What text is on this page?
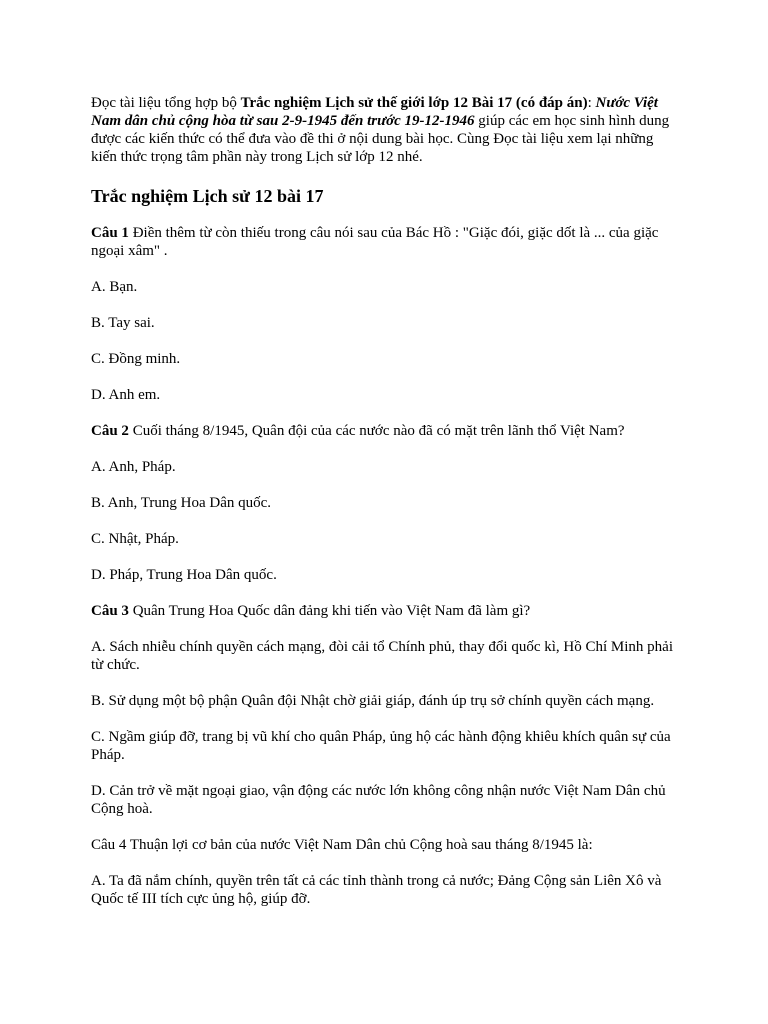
Đọc tài liệu tổng hợp bộ Trắc nghiệm Lịch sử thế giới lớp 12 Bài 17 (có đáp án): Nước Việt Nam dân chủ cộng hòa từ sau 2-9-1945 đến trước 19-12-1946 giúp các em học sinh hình dung được các kiến thức có thể đưa vào đề thi ở nội dung bài học. Cùng Đọc tài liệu xem lại những kiến thức trọng tâm phần này trong Lịch sử lớp 12 nhé.

Trắc nghiệm Lịch sử 12 bài 17

Câu 1 Điền thêm từ còn thiếu trong câu nói sau của Bác Hồ : "Giặc đói, giặc dốt là ... của giặc ngoại xâm" .

A. Bạn.

B. Tay sai.

C. Đồng minh.

D. Anh em.

Câu 2 Cuối tháng 8/1945, Quân đội của các nước nào đã có mặt trên lãnh thổ Việt Nam?

A. Anh, Pháp.

B. Anh, Trung Hoa Dân quốc.

C. Nhật, Pháp.

D. Pháp, Trung Hoa Dân quốc.

Câu 3 Quân Trung Hoa Quốc dân đảng khi tiến vào Việt Nam đã làm gì?

A. Sách nhiễu chính quyền cách mạng, đòi cải tổ Chính phủ, thay đổi quốc kì, Hồ Chí Minh phải từ chức.

B. Sử dụng một bộ phận Quân đội Nhật chờ giải giáp, đánh úp trụ sở chính quyền cách mạng.

C. Ngầm giúp đỡ, trang bị vũ khí cho quân Pháp, ủng hộ các hành động khiêu khích quân sự của Pháp.

D. Cản trở về mặt ngoại giao, vận động các nước lớn không công nhận nước Việt Nam Dân chủ Cộng hoà.

Câu 4 Thuận lợi cơ bản của nước Việt Nam Dân chủ Cộng hoà sau tháng 8/1945 là:

A. Ta đã nắm chính, quyền trên tất cả các tỉnh thành trong cả nước; Đảng Cộng sản Liên Xô và Quốc tế III tích cực ủng hộ, giúp đỡ.
